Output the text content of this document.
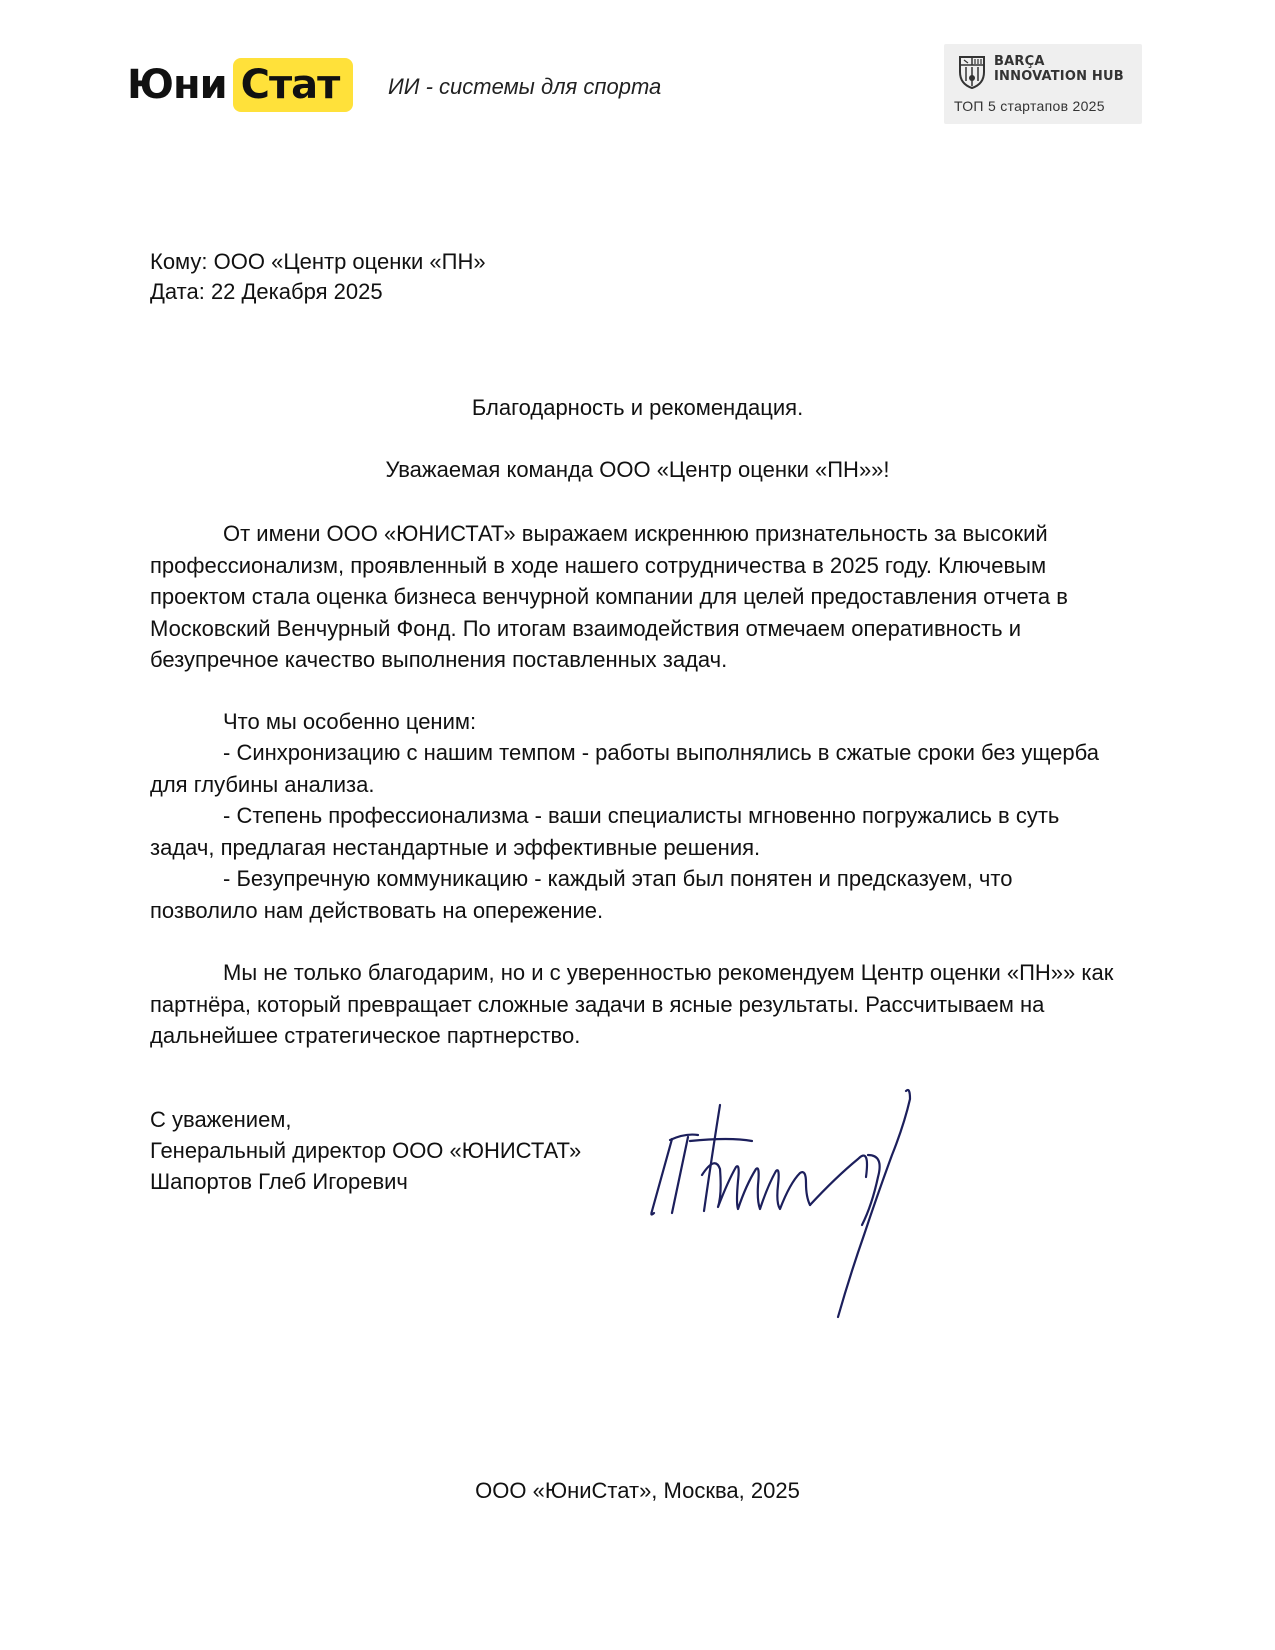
Юни Стат	ИИ - системы для спорта
BARÇA
INNOVATION HUB
ТОП 5 стартапов 2025
Кому: ООО «Центр оценки «ПН»
Дата: 22 Декабря 2025
Благодарность и рекомендация.
Уважаемая команда ООО «Центр оценки «ПН»»!
От имени ООО «ЮНИСТАТ» выражаем искреннюю признательность за высокий профессионализм, проявленный в ходе нашего сотрудничества в 2025 году. Ключевым проектом стала оценка бизнеса венчурной компании для целей предоставления отчета в Московский Венчурный Фонд. По итогам взаимодействия отмечаем оперативность и безупречное качество выполнения поставленных задач.
Что мы особенно ценим:
- Синхронизацию с нашим темпом - работы выполнялись в сжатые сроки без ущерба для глубины анализа.
- Степень профессионализма - ваши специалисты мгновенно погружались в суть задач, предлагая нестандартные и эффективные решения.
- Безупречную коммуникацию - каждый этап был понятен и предсказуем, что позволило нам действовать на опережение.
Мы не только благодарим, но и с уверенностью рекомендуем Центр оценки «ПН»» как партнёра, который превращает сложные задачи в ясные результаты. Рассчитываем на дальнейшее стратегическое партнерство.
С уважением,
Генеральный директор ООО «ЮНИСТАТ»
Шапортов Глеб Игоревич
ООО «ЮниСтат», Москва, 2025
